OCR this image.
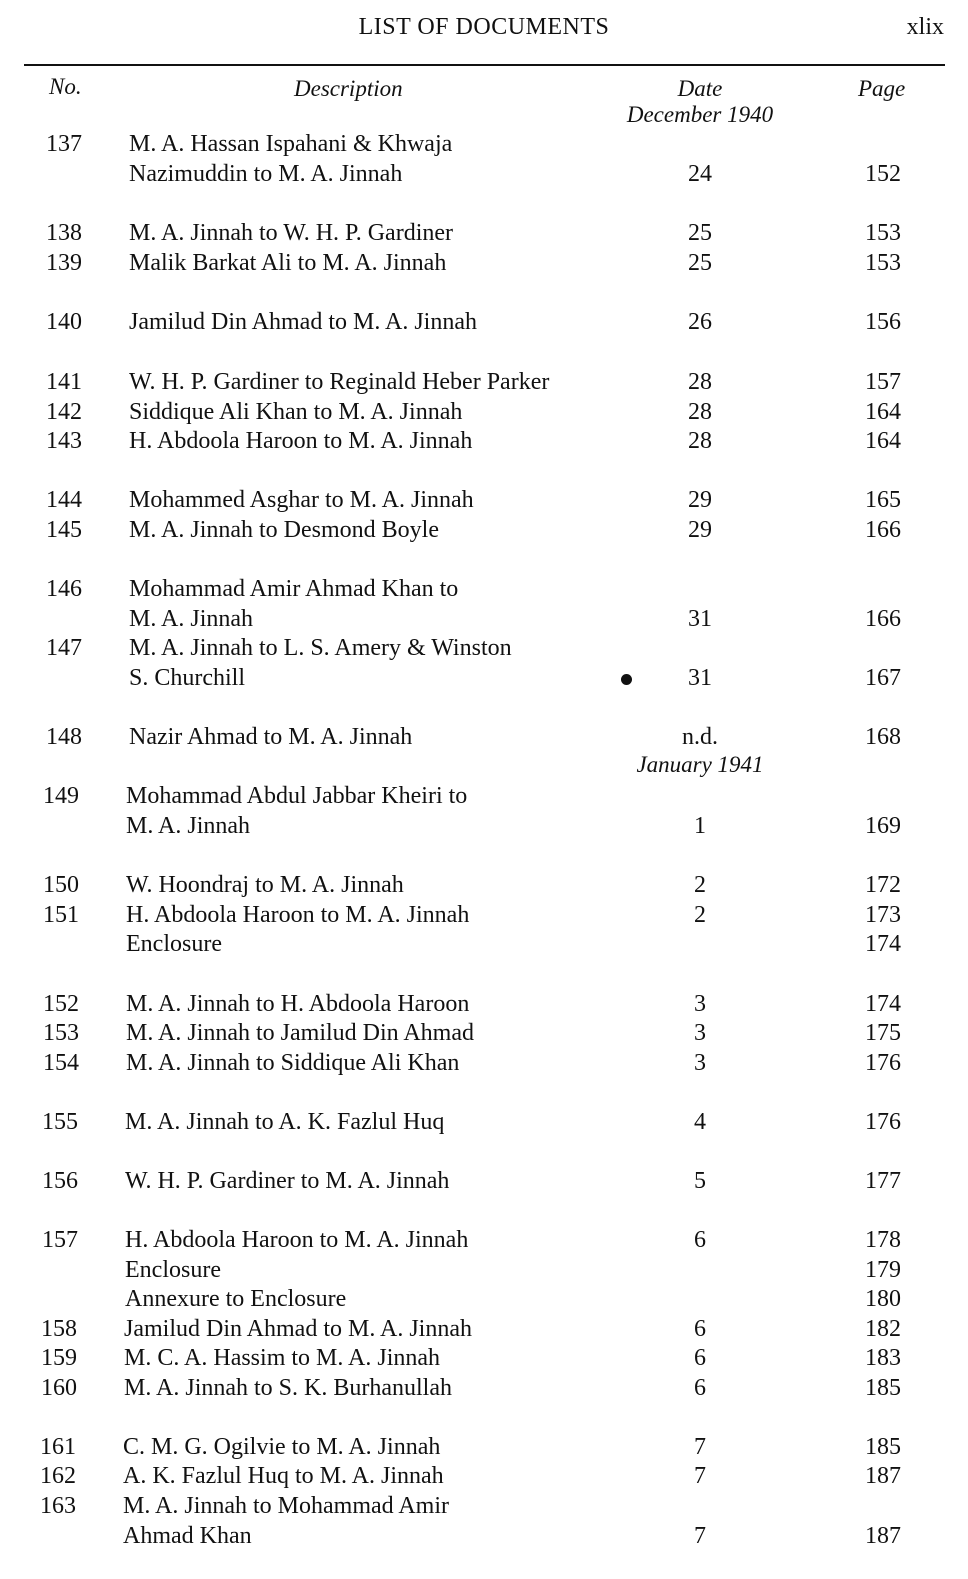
LIST OF DOCUMENTS	xlix
No.	Description	Date	Page
137	M. A. Hassan Ispahani & Khwaja
Nazimuddin to M. A. Jinnah	24	152
138	M. A. Jinnah to W. H. P. Gardiner	25	153
139	Malik Barkat Ali to M. A. Jinnah	25	153
140	Jamilud Din Ahmad to M. A. Jinnah	26	156
141	W. H. P. Gardiner to Reginald Heber Parker	28	157
142	Siddique Ali Khan to M. A. Jinnah	28	164
143	H. Abdoola Haroon to M. A. Jinnah	28	164
144	Mohammed Asghar to M. A. Jinnah	29	165
145	M. A. Jinnah to Desmond Boyle	29	166
146	Mohammad Amir Ahmad Khan to
M. A. Jinnah	31	166
147	M. A. Jinnah to L. S. Amery & Winston
S. Churchill	31	167
148	Nazir Ahmad to M. A. Jinnah	n.d.	168
149	Mohammad Abdul Jabbar Kheiri to
M. A. Jinnah	1	169
150	W. Hoondraj to M. A. Jinnah	2	172
151	H. Abdoola Haroon to M. A. Jinnah	2	173
Enclosure	174
152	M. A. Jinnah to H. Abdoola Haroon	3	174
153	M. A. Jinnah to Jamilud Din Ahmad	3	175
154	M. A. Jinnah to Siddique Ali Khan	3	176
155	M. A. Jinnah to A. K. Fazlul Huq	4	176
156	W. H. P. Gardiner to M. A. Jinnah	5	177
157	H. Abdoola Haroon to M. A. Jinnah	6	178
Enclosure	179
Annexure to Enclosure	180
158	Jamilud Din Ahmad to M. A. Jinnah	6	182
159	M. C. A. Hassim to M. A. Jinnah	6	183
160	M. A. Jinnah to S. K. Burhanullah	6	185
161	C. M. G. Ogilvie to M. A. Jinnah	7	185
162	A. K. Fazlul Huq to M. A. Jinnah	7	187
163	M. A. Jinnah to Mohammad Amir
Ahmad Khan	7	187
December 1940
January 1941
